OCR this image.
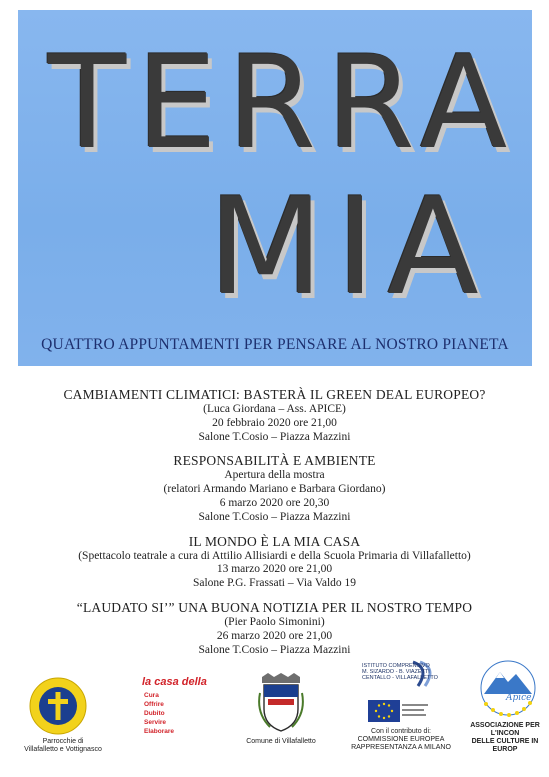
TERRA
MIA
QUATTRO APPUNTAMENTI PER PENSARE AL NOSTRO PIANETA
CAMBIAMENTI CLIMATICI: BASTERÀ IL GREEN DEAL EUROPEO?
(Luca Giordana – Ass. APICE)
20 febbraio 2020 ore 21,00
Salone T.Cosio – Piazza Mazzini
RESPONSABILITÀ E AMBIENTE
Apertura della mostra
(relatori Armando Mariano e Barbara Giordano)
6 marzo 2020 ore 20,30
Salone T.Cosio – Piazza Mazzini
IL MONDO È LA MIA CASA
(Spettacolo teatrale a cura di Attilio Allisiardi e della Scuola Primaria di Villafalletto)
13 marzo 2020 ore 21,00
Salone P.G. Frassati – Via Valdo 19
“LAUDATO SI’” UNA BUONA NOTIZIA PER IL NOSTRO TEMPO
(Pier Paolo Simonini)
26 marzo 2020 ore 21,00
Salone T.Cosio – Piazza Mazzini
Parrocchie di
Villafalletto e Vottignasco
la casa della
Cura
Offrire
Dubito
Servire
Elaborare
Comune di Villafalletto
ISTITUTO COMPRENSIVO
M. SIZARDO - B. VIAZETTI
CENTALLO - VILLAFALLETTO
Con il contributo di:
COMMISSIONE EUROPEA
RAPPRESENTANZA A MILANO
Apice
ASSOCIAZIONE PER L'INCON
DELLE CULTURE IN EUROP
